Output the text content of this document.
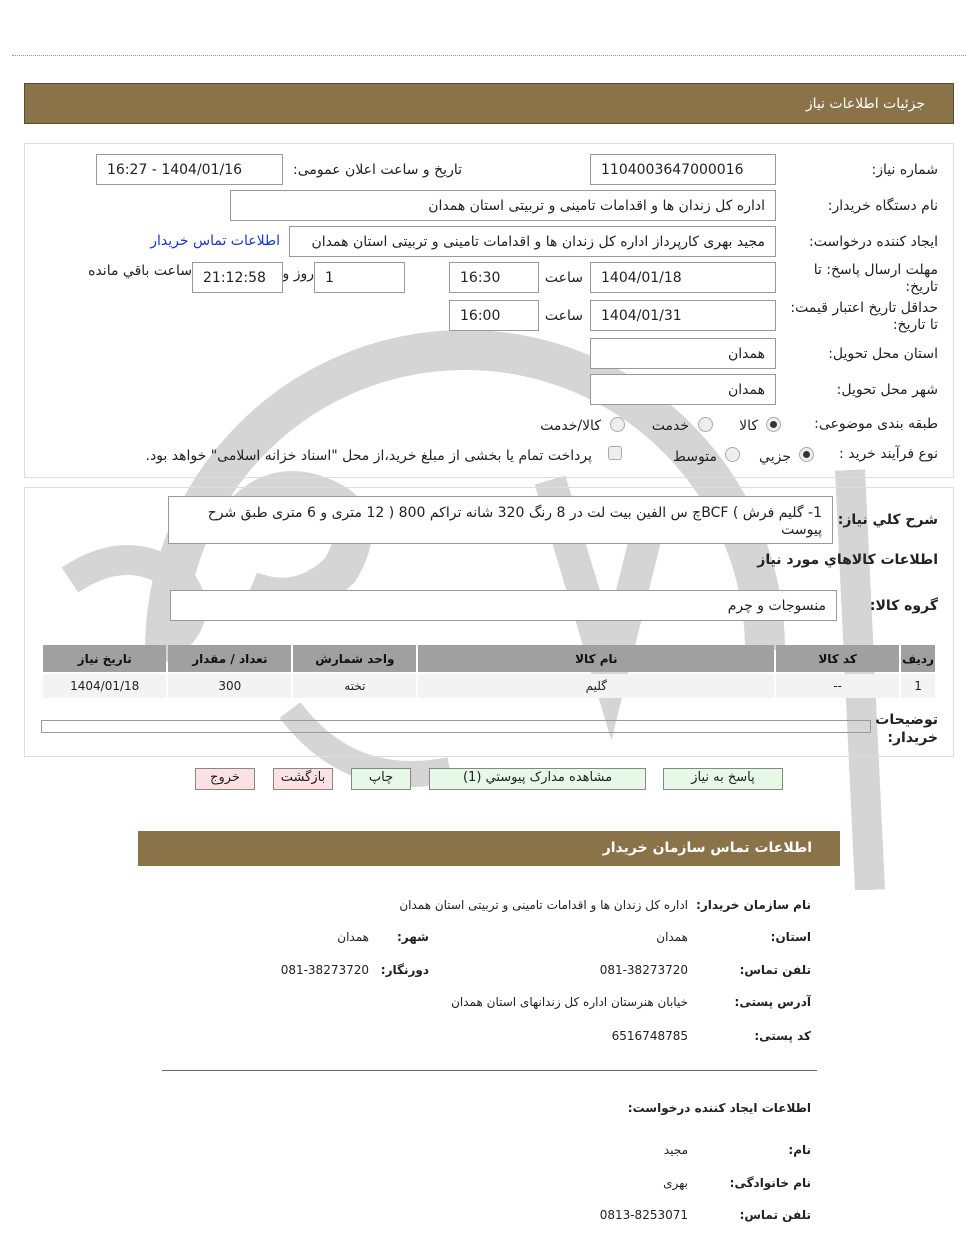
جزئیات اطلاعات نیاز
شماره نیاز:
1104003647000016
تاریخ و ساعت اعلان عمومی:
1404/01/16 - 16:27
نام دستگاه خریدار:
اداره کل زندان ها و اقدامات تامینی و تربیتی استان همدان
ایجاد کننده درخواست:
مجید بهری کارپرداز اداره کل زندان ها و اقدامات تامینی و تربیتی استان همدان
اطلاعات تماس خریدار
مهلت ارسال پاسخ: تا تاریخ:
1404/01/18
ساعت
16:30
1
روز و
21:12:58
ساعت باقي مانده
حداقل تاریخ اعتبار قیمت: تا تاریخ:
1404/01/31
ساعت
16:00
استان محل تحویل:
همدان
شهر محل تحویل:
همدان
طبقه بندی موضوعی:
کالا
خدمت
کالا/خدمت
نوع فرآیند خرید :
جزيي
متوسط
پرداخت تمام یا بخشی از مبلغ خرید،از محل "اسناد خزانه اسلامی" خواهد بود.
شرح کلي نياز:
1- گلیم فرش ) BCFچ س الفین بیت لت در 8 رنگ 320 شانه تراکم 800 ( 12 متری و 6 متری طبق شرح پیوست
اطلاعات کالاهاي مورد نياز
گروه کالا:
منسوجات و چرم
رديف	کد کالا	نام کالا	واحد شمارش	تعداد / مقدار	تاریخ نیاز
1	--	گلیم	تخته	300	1404/01/18
توضيحات خريدار:
پاسخ به نیاز
مشاهده مدارک پیوستي (1)
چاپ
بازگشت
خروج
اطلاعات تماس سازمان خریدار
نام سازمان خریدار:
اداره کل زندان ها و اقدامات تامینی و تربیتی استان همدان
استان:
همدان
شهر:
همدان
تلفن تماس:
081-38273720
دورنگار:
081-38273720
آدرس پستی:
خیابان هنرستان اداره کل زندانهای استان همدان
کد پستی:
6516748785
اطلاعات ایجاد کننده درخواست:
نام:
مجید
نام خانوادگی:
بهری
تلفن تماس:
0813-8253071
